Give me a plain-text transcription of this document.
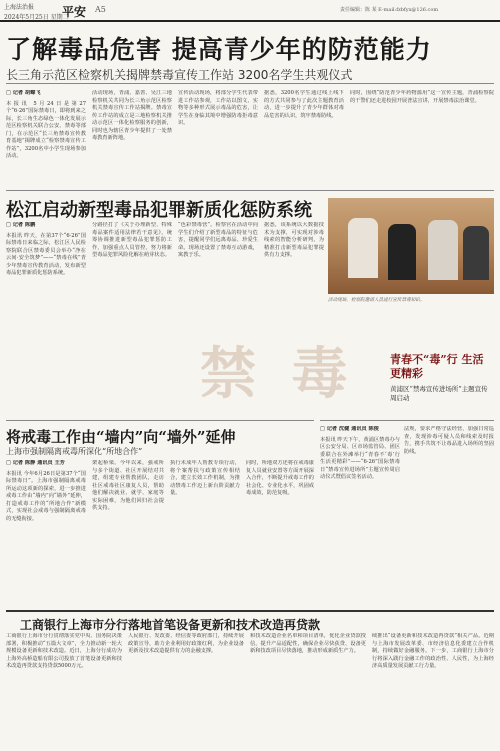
上海法治报
2024年5月25日 星期二
平安 A5	责任编辑：陈 某 E-mail:fzbfyx@126.com
了解毒品危害 提高青少年的防范能力
长三角示范区检察机关揭牌禁毒宣传工作站 3200名学生共观仪式
□ 记者 胡蝶飞
本报讯 5月24日是第27个“6·26”国际禁毒日，即将到来之际，长三角生态绿色一体化发展示范区检察机关联合公安、禁毒等部门，在示范区“长三角禁毒宣传教育基地”揭牌成立“检察禁毒宣传工作站”，3200名中小学生现场参加活动。
活动现场，青浦、嘉善、吴江三地检察机关共同为长三角示范区检察机关禁毒宣传工作站揭牌。禁毒宣传工作站的成立是三地检察机关推动示范区一体化检察服务的创新，同时也为辖区青少年提供了一处禁毒教育新阵地。
宣传活动现场，将部分学生代表带进工作站参观，工作站以图文、实物等多种形式展示毒品的危害，让学生在身临其境中增强防毒拒毒意识。
据悉，3200名学生通过线上线下的方式共同参与了此次主题教育活动，进一步提升了青少年群体对毒品危害的认识，筑牢禁毒防线。
同时，围绕“防范青少年药物滥用”这一宣传主题，青浦检察院的干警们还走进校园开展普法宣讲，开展禁毒法治课堂。
松江启动新型毒品犯罪新质化惩防系统
□ 记者 陈鹏
本报讯 昨天，在第37个“6·26”国际禁毒日来临之际，松江区人民检察院联合区禁毒委员会举办“净在云间·安全筑梦”——“禁毒在线”青少年禁毒宣传教育活动，发布新型毒品犯罪新质化惩防系统。
分路径打了《关于办理新型、特殊毒品案件适用法律若干意见》，统筹协调推进新型毒品犯罪惩防工作，加强重点人员管控，努力将新型毒品犯罪风险化解在萌芽状态。
“色彩禁毒营”。检察官在活动中向学生们介绍了新型毒品的特征与危害，提醒同学们远离毒品、珍爱生命。现场还设置了禁毒互动游戏，寓教于乐。
据悉，该系统以大数据技术为支撑，可实现对涉毒线索的智能分析研判，为精准打击新型毒品犯罪提供有力支撑。
活动现场，检察院邀请人员进行宣传禁毒知识。
禁 毒	青春不“毒”行 生活更精彩
黄浦区“禁毒宣传进场所”主题宣传周启动
□ 记者 沈健 通讯员 陈俊
本报讯 昨天下午，黄浦区禁毒办与区公安分局、区市场监管局、团区委联合在外滩举行“青春不‘毒’行 生活更精彩”——“6·26”国际禁毒日“禁毒宣传进场所”主题宣传周启动仪式暨倡议签名活动。
法规，要求严格守法经营，加强日常巡查，发现涉毒可疑人员和线索及时报告，携手共筑不让毒品进入场所的坚固防线。
将戒毒工作由“墙内”向“墙外”延伸
上海市强制隔离戒毒所深化“所地合作”
□ 记者 陈静 通讯员 王芳
本报讯 今年6月26日是第37个“国际禁毒日”。上海市强制隔离戒毒所运动这项新的探索，进一步推进戒毒工作由“墙内”向“墙外”延伸，打造戒毒工作的“所地合作”新模式，实现社会戒毒与强制隔离戒毒的无缝衔接。
架起桥梁。今年以来，强戒所与多个街道、社区开展结对共建，组建专业帮教团队，走访社区戒毒社区康复人员，帮助他们解决就业、就学、家庭等实际困难，为他们回归社会提供支持。
执行未成年人帮教专项行动，将个案帮扶与政策宣传相结合，建立长效工作机制，为推动禁毒工作迈上新台阶贡献力量。
同时，所地双方还将在戒毒康复人员就业安置等方面开展深入合作，不断提升戒毒工作的社会化、专业化水平，巩固戒毒成效，防范复吸。
工商银行上海市分行落地首笔设备更新和技术改造再贷款
工商银行上海市分行贯彻落实党中央、国务院决策部署，积极推动“五篇大文章”，全力推动新一轮大规模设备更新和技术改造。近日，上海分行成功为上海外高桥造船有限公司投放了首笔设备更新和技术改造再贷款支持贷款5000万元。
人民银行、发改委、经信委等政府部门，持续开展政策宣导，助力企业利用好政策红利，为企业设备更新及技术改造提供有力的金融支撑。
和技术改造企业名单和项目清单，优化企业贷款授信，提升产品适配性，确保企业尽快获贷、设备更新和技改项目尽快落地，推动形成新质生产力。
续推出“设备更新和技术改造再贷款”相关产品，近期与上海市发展改革委、市经济信息化委建立合作机制，持续做好金融服务。下一步，工商银行上海市分行将深入践行金融工作的政治性、人民性，为上海经济高质量发展贡献工行力量。
